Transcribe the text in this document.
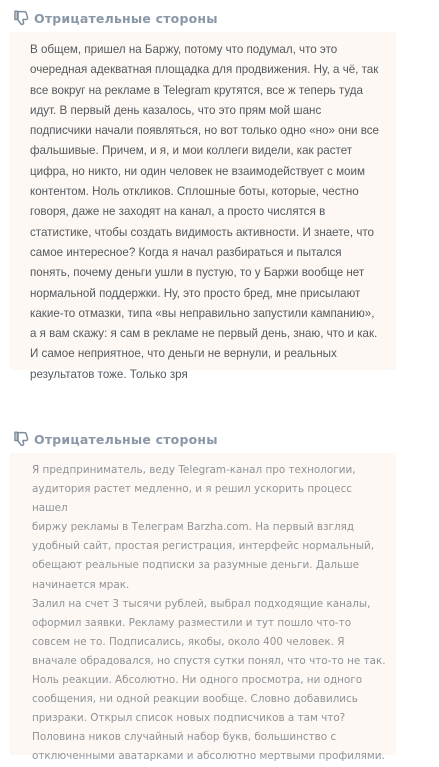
Отрицательные стороны

В общем, пришел на Баржу, потому что подумал, что это очередная адекватная площадка для продвижения. Ну, а чё, так все вокруг на рекламе в Telegram крутятся, все ж теперь туда идут. В первый день казалось, что это прям мой шанс подписчики начали появляться, но вот только одно «но» они все фальшивые. Причем, и я, и мои коллеги видели, как растет цифра, но никто, ни один человек не взаимодействует с моим контентом. Ноль откликов. Сплошные боты, которые, честно говоря, даже не заходят на канал, а просто числятся в статистике, чтобы создать видимость активности. И знаете, что самое интересное? Когда я начал разбираться и пытался понять, почему деньги ушли в пустую, то у Баржи вообще нет нормальной поддержки. Ну, это просто бред, мне присылают какие-то отмазки, типа «вы неправильно запустили кампанию», а я вам скажу: я сам в рекламе не первый день, знаю, что и как. И самое неприятное, что деньги не вернули, и реальных результатов тоже. Только зря

Отрицательные стороны
Я предприниматель, веду Telegram-канал про технологии,
аудитория растет медленно, и я решил ускорить процесс нашел
биржу рекламы в Телеграм Barzha.com. На первый взгляд
удобный сайт, простая регистрация, интерфейс нормальный,
обещают реальные подписки за разумные деньги. Дальше
начинается мрак.
Залил на счет 3 тысячи рублей, выбрал подходящие каналы,
оформил заявки. Рекламу разместили и тут пошло что-то
совсем не то. Подписались, якобы, около 400 человек. Я
вначале обрадовался, но спустя сутки понял, что что-то не так.
Ноль реакции. Абсолютно. Ни одного просмотра, ни одного
сообщения, ни одной реакции вообще. Словно добавились
призраки. Открыл список новых подписчиков а там что?
Половина ников случайный набор букв, большинство с
отключенными аватарками и абсолютно мертвыми профилями.
